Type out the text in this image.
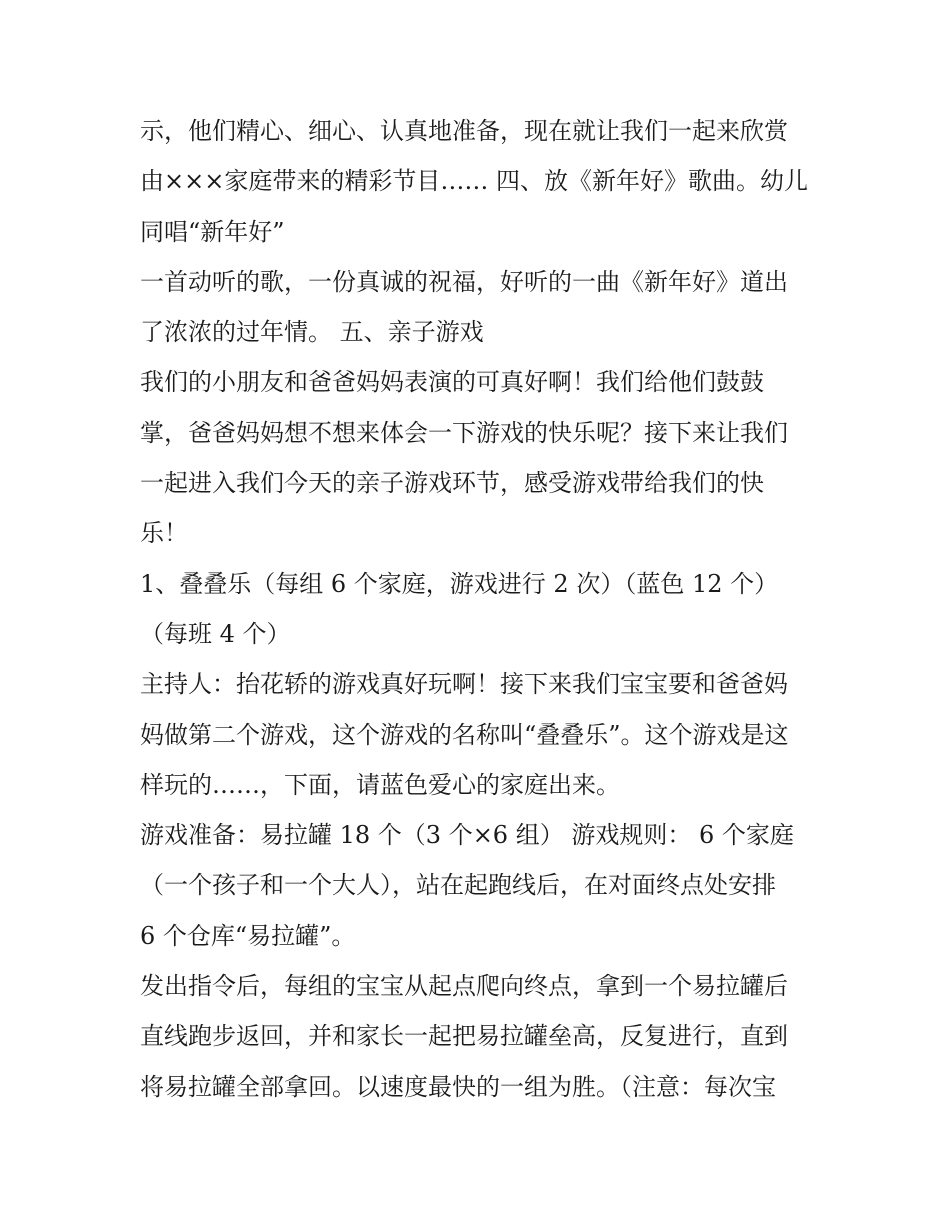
示，他们精心、细心、认真地准备，现在就让我们一起来欣赏
由×××家庭带来的精彩节目…… 四、放《新年好》歌曲。幼儿
同唱“新年好”

一首动听的歌，一份真诚的祝福，好听的一曲《新年好》道出
了浓浓的过年情。 五、亲子游戏

我们的小朋友和爸爸妈妈表演的可真好啊！我们给他们鼓鼓
掌，爸爸妈妈想不想来体会一下游戏的快乐呢？接下来让我们
一起进入我们今天的亲子游戏环节，感受游戏带给我们的快
乐！

1、叠叠乐（每组 6 个家庭，游戏进行 2 次）（蓝色 12 个）
（每班 4 个）

主持人：抬花轿的游戏真好玩啊！接下来我们宝宝要和爸爸妈
妈做第二个游戏，这个游戏的名称叫“叠叠乐”。这个游戏是这
样玩的……，下面，请蓝色爱心的家庭出来。

游戏准备：易拉罐 18 个（3 个×6 组） 游戏规则： 6 个家庭
（一个孩子和一个大人），站在起跑线后，在对面终点处安排
6 个仓库“易拉罐”。

发出指令后，每组的宝宝从起点爬向终点，拿到一个易拉罐后
直线跑步返回，并和家长一起把易拉罐垒高，反复进行，直到
将易拉罐全部拿回。以速度最快的一组为胜。（注意：每次宝
